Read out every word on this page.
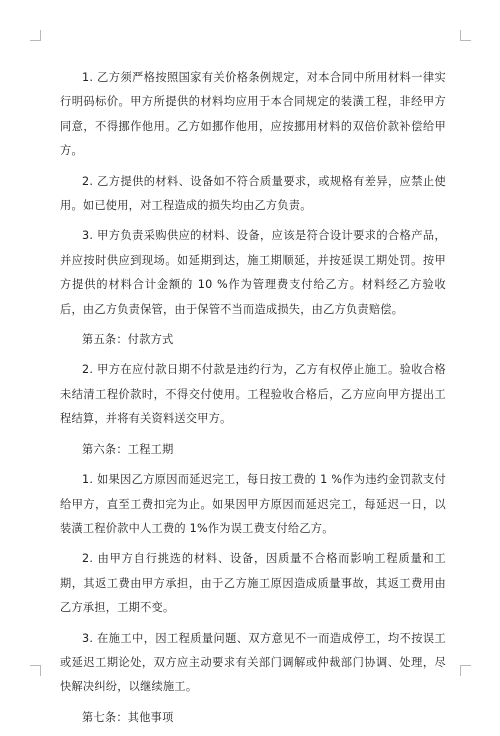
1. 乙方须严格按照国家有关价格条例规定，对本合同中所用材料一律实行明码标价。甲方所提供的材料均应用于本合同规定的装潢工程，非经甲方同意，不得挪作他用。乙方如挪作他用，应按挪用材料的双倍价款补偿给甲方。

2. 乙方提供的材料、设备如不符合质量要求，或规格有差异，应禁止使用。如已使用，对工程造成的损失均由乙方负责。

3. 甲方负责采购供应的材料、设备，应该是符合设计要求的合格产品，并应按时供应到现场。如延期到达，施工期顺延，并按延误工期处罚。按甲方提供的材料合计金额的 10 %作为管理费支付给乙方。材料经乙方验收后，由乙方负责保管，由于保管不当而造成损失，由乙方负责赔偿。

第五条：付款方式

2. 甲方在应付款日期不付款是违约行为，乙方有权停止施工。验收合格未结清工程价款时，不得交付使用。工程验收合格后，乙方应向甲方提出工程结算，并将有关资料送交甲方。

第六条：工程工期

1. 如果因乙方原因而延迟完工，每日按工费的 1 %作为违约金罚款支付给甲方，直至工费扣完为止。如果因甲方原因而延迟完工，每延迟一日，以装潢工程价款中人工费的 1%作为误工费支付给乙方。

2. 由甲方自行挑选的材料、设备，因质量不合格而影响工程质量和工期，其返工费由甲方承担，由于乙方施工原因造成质量事故，其返工费用由乙方承担，工期不变。

3. 在施工中，因工程质量问题、双方意见不一而造成停工，均不按误工或延迟工期论处，双方应主动要求有关部门调解或仲裁部门协调、处理，尽快解决纠纷，以继续施工。

第七条：其他事项
